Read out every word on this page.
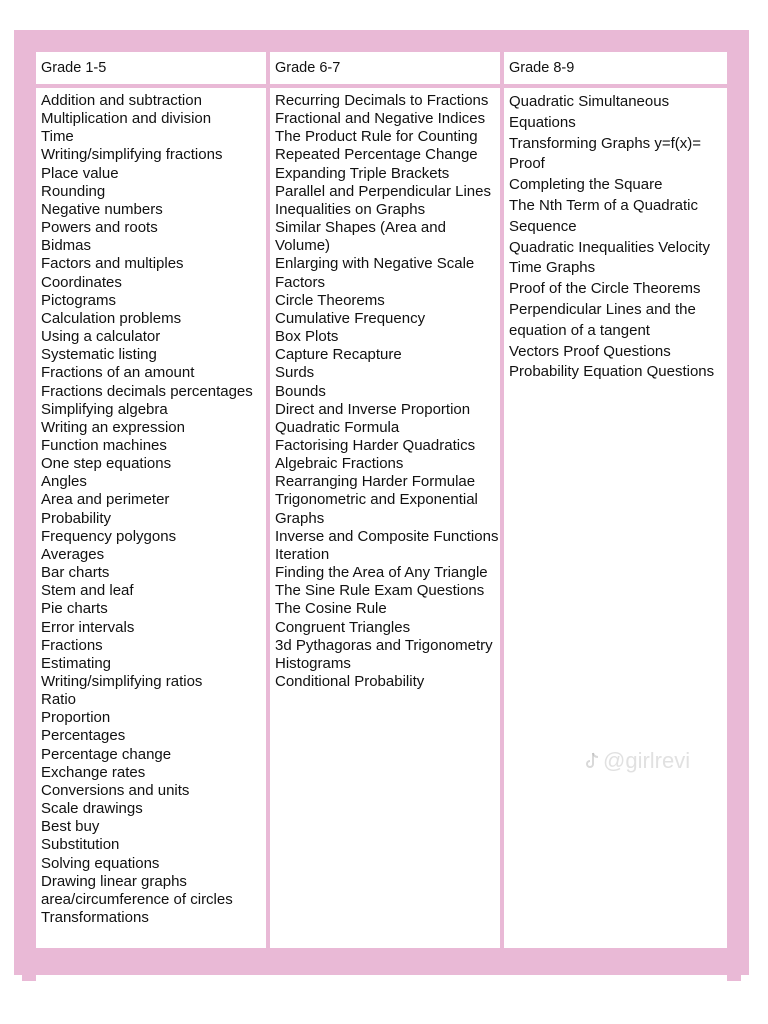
Grade 1-5	Grade 6-7	Grade 8-9
Addition and subtraction
Multiplication and division
Time
Writing/simplifying fractions
Place value
Rounding
Negative numbers
Powers and roots
Bidmas
Factors and multiples
Coordinates
Pictograms
Calculation problems
Using a calculator
Systematic listing
Fractions of an amount
Fractions decimals percentages
Simplifying algebra
Writing an expression
Function machines
One step equations
Angles
Area and perimeter
Probability
Frequency polygons
Averages
Bar charts
Stem and leaf
Pie charts
Error intervals
Fractions
Estimating
Writing/simplifying ratios
Ratio
Proportion
Percentages
Percentage change
Exchange rates
Conversions and units
Scale drawings
Best buy
Substitution
Solving equations
Drawing linear graphs
area/circumference of circles
Transformations
Recurring Decimals to Fractions
Fractional and Negative Indices
The Product Rule for Counting
Repeated Percentage Change
Expanding Triple Brackets
Parallel and Perpendicular Lines
Inequalities on Graphs
Similar Shapes (Area and Volume)
Enlarging with Negative Scale Factors
Circle Theorems
Cumulative Frequency
Box Plots
Capture Recapture
Surds
Bounds
Direct and Inverse Proportion
Quadratic Formula
Factorising Harder Quadratics
Algebraic Fractions
Rearranging Harder Formulae
Trigonometric and Exponential Graphs
Inverse and Composite Functions
Iteration
Finding the Area of Any Triangle
The Sine Rule Exam Questions
The Cosine Rule
Congruent Triangles
3d Pythagoras and Trigonometry
Histograms
Conditional Probability
Quadratic Simultaneous Equations
Transforming Graphs y=f(x)= Proof
Completing the Square
The Nth Term of a Quadratic Sequence
Quadratic Inequalities Velocity Time Graphs
Proof of the Circle Theorems
Perpendicular Lines and the equation of a tangent
Vectors Proof Questions
Probability Equation Questions
@girlrevi
